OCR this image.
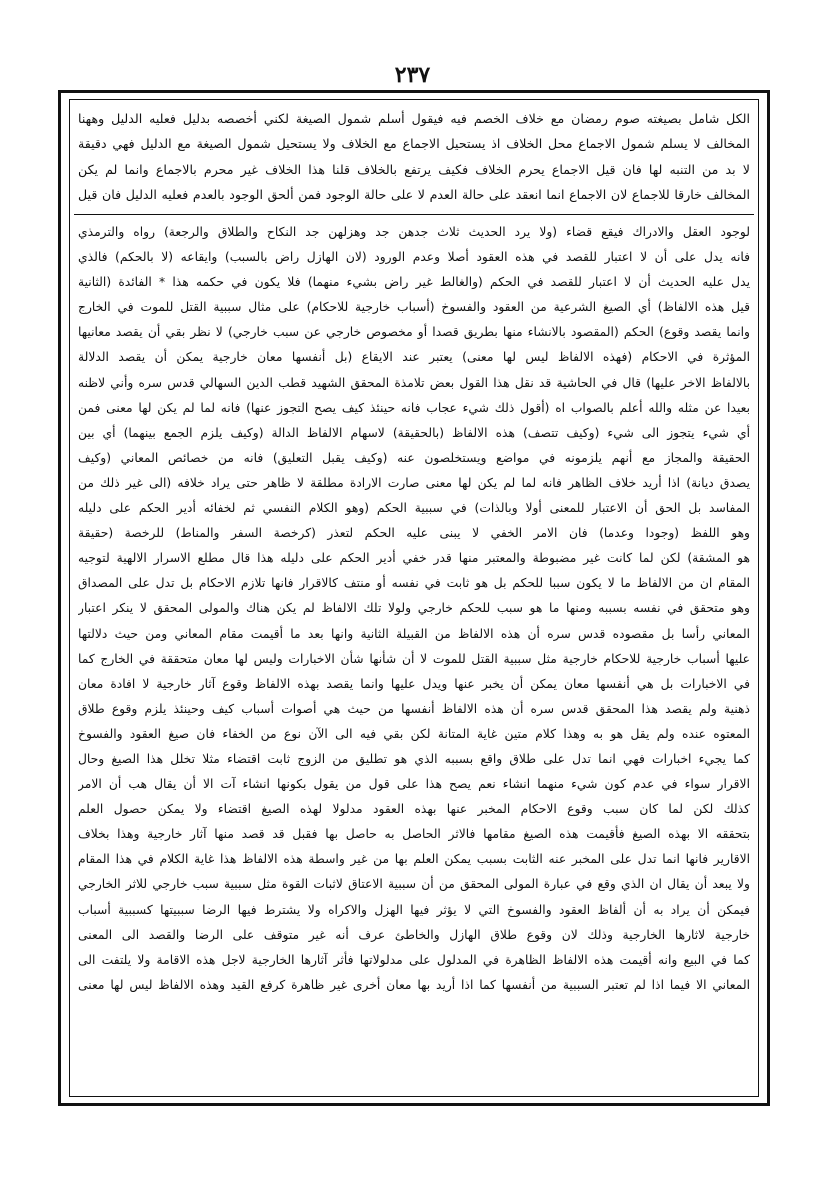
٢٣٧
الكل شامل بصيغته صوم رمضان مع خلاف الخصم فيه فيقول أسلم شمول الصيغة لكني أخصصه بدليل فعليه الدليل وههنا
المخالف لا يسلم شمول الاجماع محل الخلاف اذ يستحيل الاجماع مع الخلاف ولا يستحيل شمول الصيغة مع الدليل فهي دقيقة
لا بد من التنبه لها فان قيل الاجماع يحرم الخلاف فكيف يرتفع بالخلاف قلنا هذا الخلاف غير محرم بالاجماع وانما لم يكن
المخالف خارقا للاجماع لان الاجماع انما انعقد على حالة العدم لا على حالة الوجود فمن ألحق الوجود بالعدم فعليه الدليل فان قيل
لوجود العقل والادراك فيقع قضاء (ولا يرد الحديث ثلاث جدهن جد وهزلهن جد النكاح والطلاق والرجعة) رواه والترمذي
فانه يدل على أن لا اعتبار للقصد في هذه العقود أصلا وعدم الورود (لان الهازل راض بالسبب) وايقاعه (لا بالحكم) فالذي
يدل عليه الحديث أن لا اعتبار للقصد في الحكم (والغالط غير راض بشيء منهما) فلا يكون في حكمه هذا * الفائدة (الثانية
قيل هذه الالفاظ) أي الصيغ الشرعية من العقود والفسوخ (أسباب خارجية للاحكام) على مثال سببية القتل للموت في الخارج
وانما يقصد وقوع) الحكم (المقصود بالانشاء منها بطريق قصدا أو مخصوص خارجي عن سبب خارجي) لا نظر بقي أن يقصد معانيها
المؤثرة في الاحكام (فهذه الالفاظ ليس لها معنى) يعتبر عند الايقاع (بل أنفسها معان خارجية يمكن أن يقصد الدلالة
بالالفاظ الاخر عليها) قال في الحاشية قد نقل هذا القول بعض تلامذة المحقق الشهيد قطب الدين السهالي قدس سره وأني لاظنه
بعيدا عن مثله والله أعلم بالصواب اه (أقول ذلك شيء عجاب فانه حينئذ كيف يصح التجوز عنها) فانه لما لم يكن لها معنى فمن
أي شيء يتجوز الى شيء (وكيف تتصف) هذه الالفاظ (بالحقيقة) لاسهام الالفاظ الدالة (وكيف يلزم الجمع بينهما) أي بين
الحقيقة والمجاز مع أنهم يلزمونه في مواضع ويستخلصون عنه (وكيف يقبل التعليق) فانه من خصائص المعاني (وكيف
يصدق ديانة) اذا أريد خلاف الظاهر فانه لما لم يكن لها معنى صارت الارادة مطلقة لا ظاهر حتى يراد خلافه (الى غير ذلك من
المفاسد بل الحق أن الاعتبار للمعنى أولا وبالذات) في سببية الحكم (وهو الكلام النفسي ثم لخفائه أدير الحكم على دليله
وهو اللفظ (وجودا وعدما) فان الامر الخفي لا يبنى عليه الحكم لتعذر (كرخصة السفر والمناط) للرخصة (حقيقة
هو المشقة) لكن لما كانت غير مضبوطة والمعتبر منها قدر خفي أدير الحكم على دليله هذا قال مطلع الاسرار الالهية لتوجيه
المقام ان من الالفاظ ما لا يكون سببا للحكم بل هو ثابت في نفسه أو منتف كالاقرار فانها تلازم الاحكام بل تدل على المصداق
وهو متحقق في نفسه بسببه ومنها ما هو سبب للحكم خارجي ولولا تلك الالفاظ لم يكن هناك والمولى المحقق لا ينكر اعتبار
المعاني رأسا بل مقصوده قدس سره أن هذه الالفاظ من القبيلة الثانية وانها بعد ما أقيمت مقام المعاني ومن حيث دلالتها
عليها أسباب خارجية للاحكام خارجية مثل سببية القتل للموت لا أن شأنها شأن الاخبارات وليس لها معان متحققة في الخارج كما
في الاخبارات بل هي أنفسها معان يمكن أن يخبر عنها ويدل عليها وانما يقصد بهذه الالفاظ وقوع آثار خارجية لا افادة معان
ذهنية ولم يقصد هذا المحقق قدس سره أن هذه الالفاظ أنفسها من حيث هي أصوات أسباب كيف وحينئذ يلزم وقوع طلاق
المعتوه عنده ولم يقل هو به وهذا كلام متين غاية المتانة لكن بقي فيه الى الآن نوع من الخفاء فان صيغ العقود والفسوخ
كما يجيء اخبارات فهي انما تدل على طلاق واقع بسببه الذي هو تطليق من الزوج ثابت اقتضاء مثلا تخلل هذا الصيغ وحال
الاقرار سواء في عدم كون شيء منهما انشاء نعم يصح هذا على قول من يقول بكونها انشاء آت الا أن يقال هب أن الامر
كذلك لكن لما كان سبب وقوع الاحكام المخبر عنها بهذه العقود مدلولا لهذه الصيغ اقتضاء ولا يمكن حصول العلم
بتحققه الا بهذه الصيغ فأقيمت هذه الصيغ مقامها فالاثر الحاصل به حاصل بها فقبل قد قصد منها آثار خارجية وهذا بخلاف
الاقارير فانها انما تدل على المخبر عنه الثابت بسبب يمكن العلم بها من غير واسطة هذه الالفاظ هذا غاية الكلام في هذا المقام
ولا يبعد أن يقال ان الذي وقع في عبارة المولى المحقق من أن سببية الاعتاق لاثبات القوة مثل سببية سبب خارجي للاثر الخارجي
فيمكن أن يراد به أن ألفاظ العقود والفسوخ التي لا يؤثر فيها الهزل والاكراه ولا يشترط فيها الرضا سببيتها كسببية أسباب
خارجية لاثارها الخارجية وذلك لان وقوع طلاق الهازل والخاطئ عرف أنه غير متوقف على الرضا والقصد الى المعنى
كما في البيع وانه أقيمت هذه الالفاظ الظاهرة في المدلول على مدلولاتها فأثر آثارها الخارجية لاجل هذه الاقامة ولا يلتفت الى
المعاني الا فيما اذا لم تعتبر السببية من أنفسها كما اذا أريد بها معان أخرى غير ظاهرة كرفع القيد وهذه الالفاظ ليس لها معنى
